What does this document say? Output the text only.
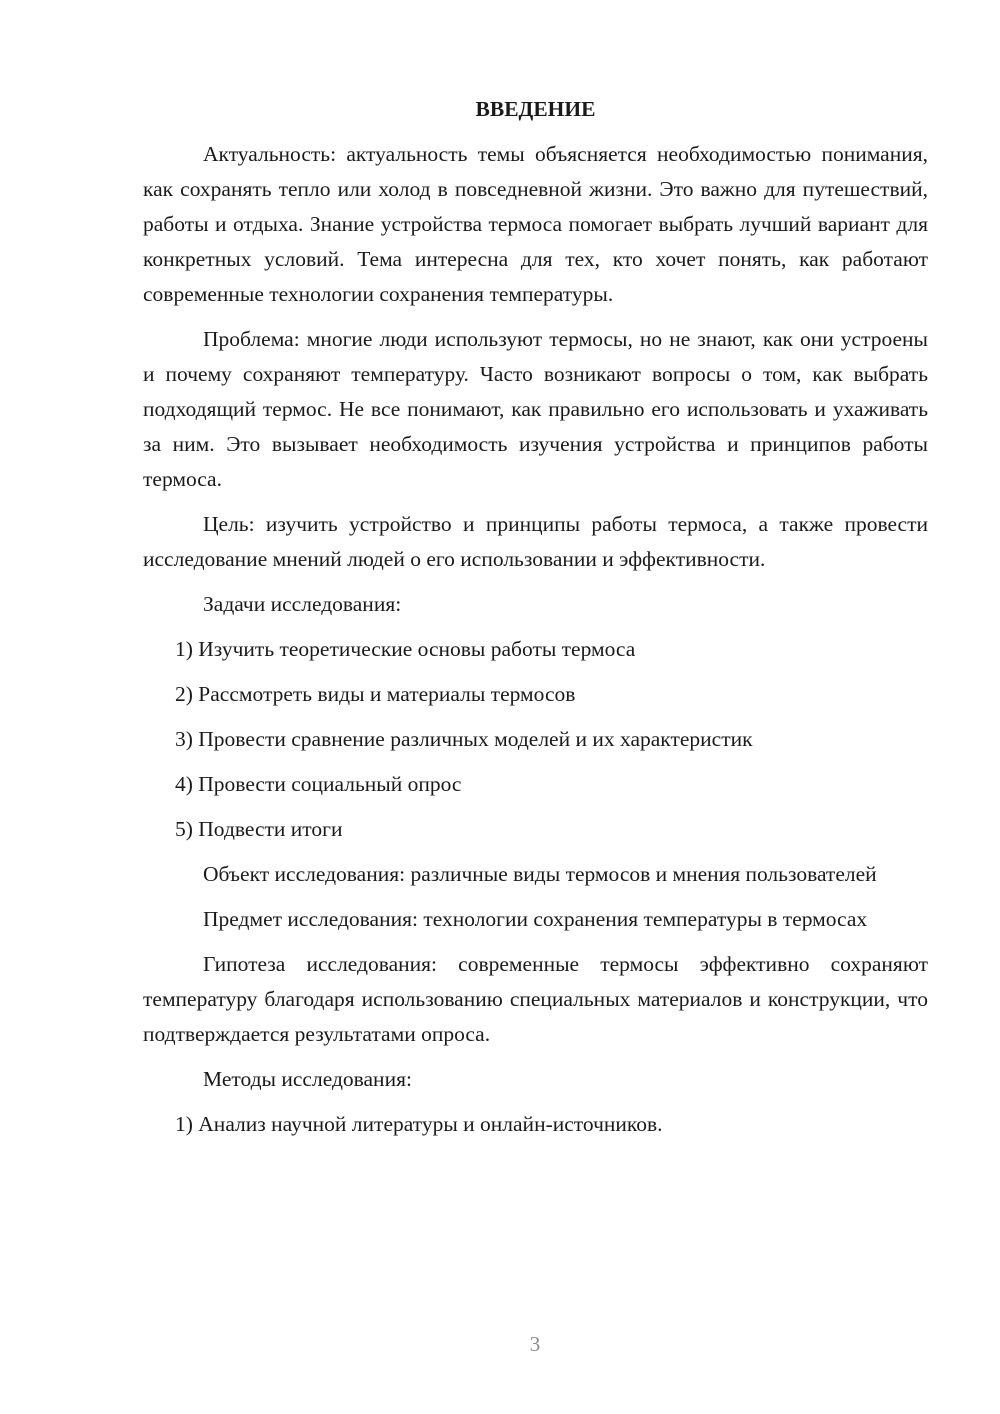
ВВЕДЕНИЕ

Актуальность: актуальность темы объясняется необходимостью понимания, как сохранять тепло или холод в повседневной жизни. Это важно для путешествий, работы и отдыха. Знание устройства термоса помогает выбрать лучший вариант для конкретных условий. Тема интересна для тех, кто хочет понять, как работают современные технологии сохранения температуры.

Проблема: многие люди используют термосы, но не знают, как они устроены и почему сохраняют температуру. Часто возникают вопросы о том, как выбрать подходящий термос. Не все понимают, как правильно его использовать и ухаживать за ним. Это вызывает необходимость изучения устройства и принципов работы термоса.

Цель: изучить устройство и принципы работы термоса, а также провести исследование мнений людей о его использовании и эффективности.

Задачи исследования:

1) Изучить теоретические основы работы термоса

2) Рассмотреть виды и материалы термосов

3) Провести сравнение различных моделей и их характеристик

4) Провести социальный опрос

5) Подвести итоги

Объект исследования: различные виды термосов и мнения пользователей

Предмет исследования: технологии сохранения температуры в термосах

Гипотеза исследования: современные термосы эффективно сохраняют температуру благодаря использованию специальных материалов и конструкции, что подтверждается результатами опроса.

Методы исследования:

1) Анализ научной литературы и онлайн-источников.

3
